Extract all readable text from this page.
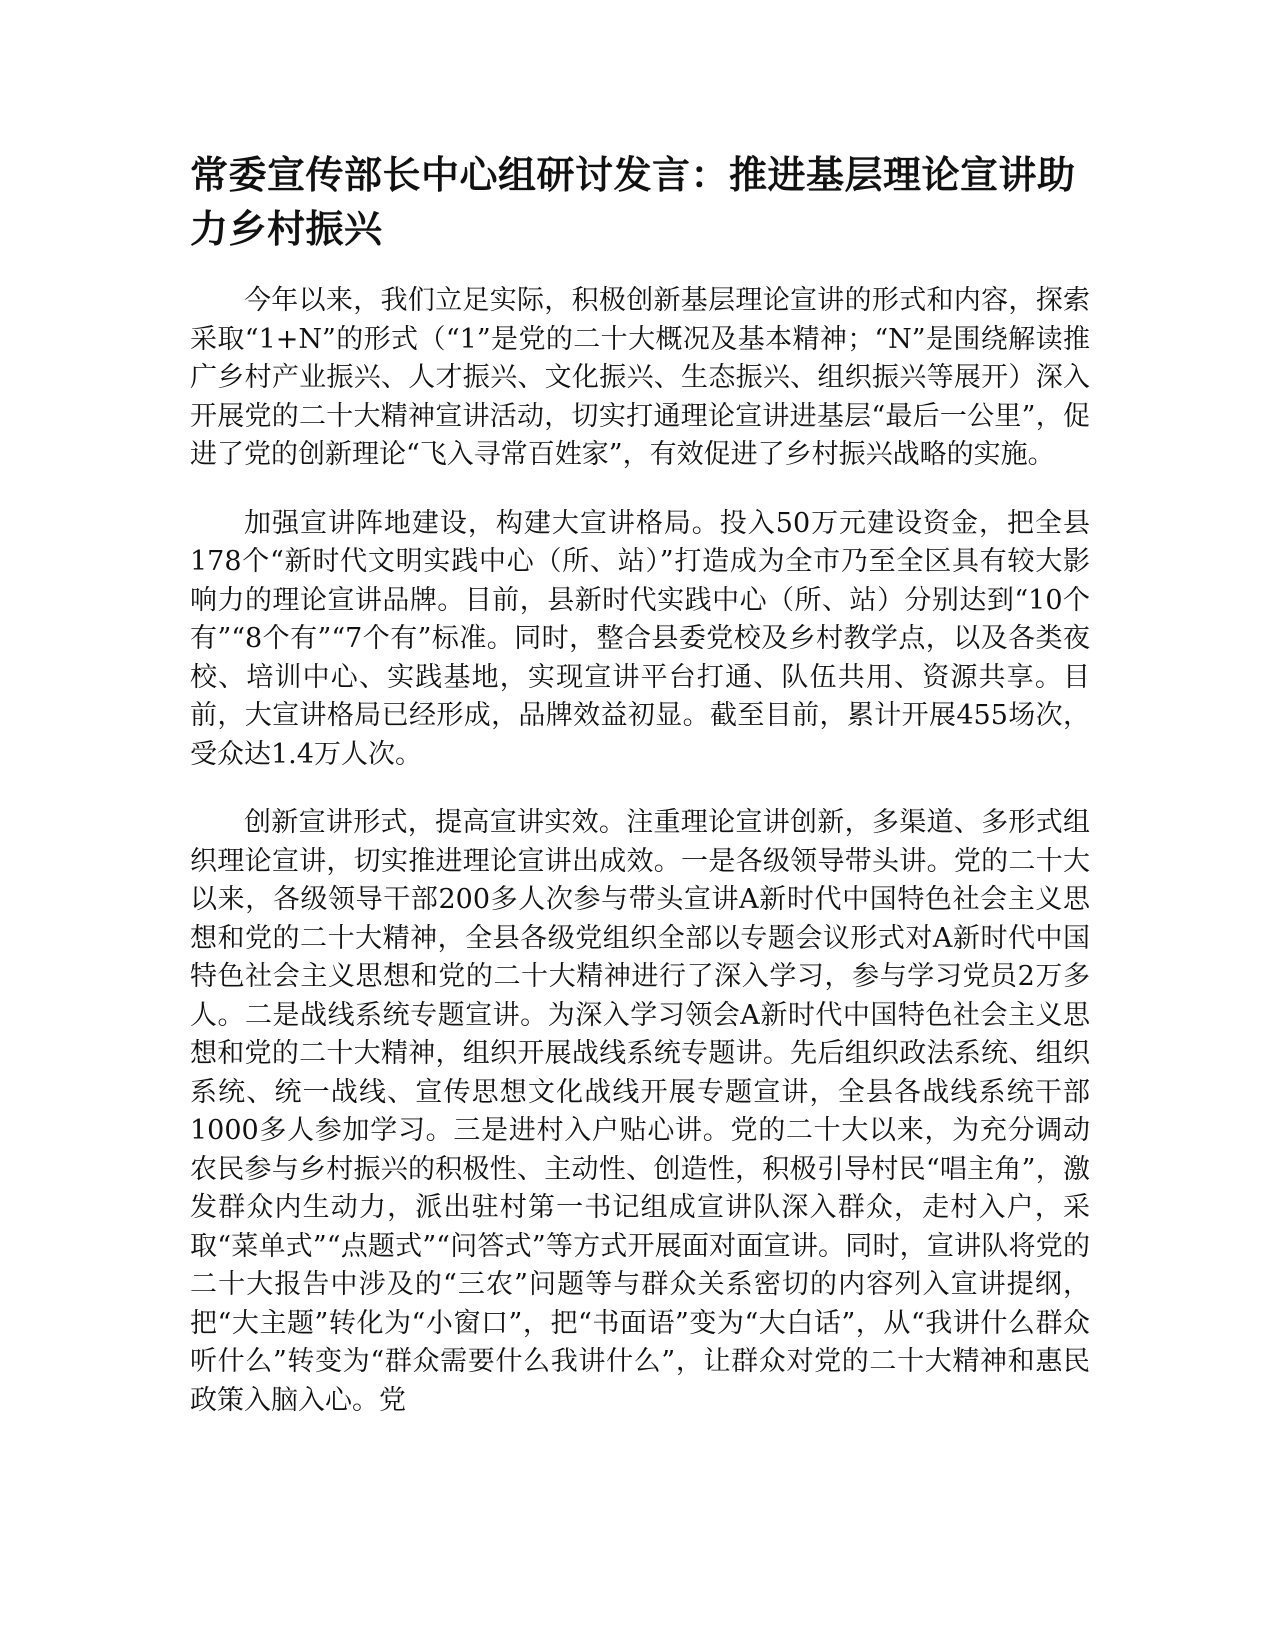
常委宣传部长中心组研讨发言：推进基层理论宣讲助力乡村振兴

今年以来，我们立足实际，积极创新基层理论宣讲的形式和内容，探索采取“1+N”的形式（“1”是党的二十大概况及基本精神；“N”是围绕解读推广乡村产业振兴、人才振兴、文化振兴、生态振兴、组织振兴等展开）深入开展党的二十大精神宣讲活动，切实打通理论宣讲进基层“最后一公里”，促进了党的创新理论“飞入寻常百姓家”，有效促进了乡村振兴战略的实施。

加强宣讲阵地建设，构建大宣讲格局。投入50万元建设资金，把全县178个“新时代文明实践中心（所、站）”打造成为全市乃至全区具有较大影响力的理论宣讲品牌。目前，县新时代实践中心（所、站）分别达到“10个有”“8个有”“7个有”标准。同时，整合县委党校及乡村教学点，以及各类夜校、培训中心、实践基地，实现宣讲平台打通、队伍共用、资源共享。目前，大宣讲格局已经形成，品牌效益初显。截至目前，累计开展455场次，受众达1.4万人次。

创新宣讲形式，提高宣讲实效。注重理论宣讲创新，多渠道、多形式组织理论宣讲，切实推进理论宣讲出成效。一是各级领导带头讲。党的二十大以来，各级领导干部200多人次参与带头宣讲A新时代中国特色社会主义思想和党的二十大精神，全县各级党组织全部以专题会议形式对A新时代中国特色社会主义思想和党的二十大精神进行了深入学习，参与学习党员2万多人。二是战线系统专题宣讲。为深入学习领会A新时代中国特色社会主义思想和党的二十大精神，组织开展战线系统专题讲。先后组织政法系统、组织系统、统一战线、宣传思想文化战线开展专题宣讲，全县各战线系统干部1000多人参加学习。三是进村入户贴心讲。党的二十大以来，为充分调动农民参与乡村振兴的积极性、主动性、创造性，积极引导村民“唱主角”，激发群众内生动力，派出驻村第一书记组成宣讲队深入群众，走村入户，采取“菜单式”“点题式”“问答式”等方式开展面对面宣讲。同时，宣讲队将党的二十大报告中涉及的“三农”问题等与群众关系密切的内容列入宣讲提纲，把“大主题”转化为“小窗口”，把“书面语”变为“大白话”，从“我讲什么群众听什么”转变为“群众需要什么我讲什么”，让群众对党的二十大精神和惠民政策入脑入心。党
